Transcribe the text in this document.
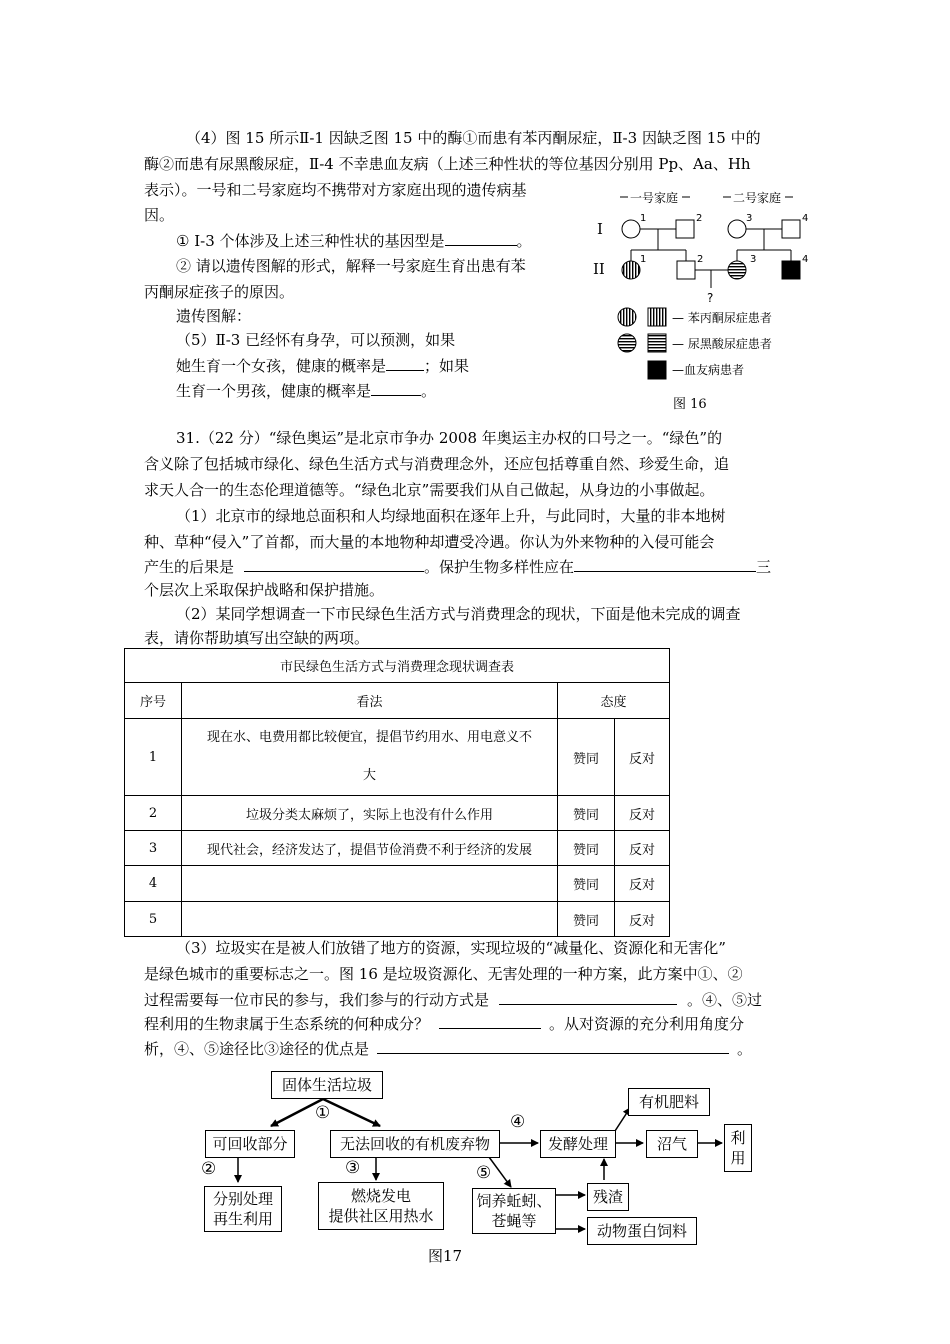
（4）图 15 所示Ⅱ-1 因缺乏图 15 中的酶①而患有苯丙酮尿症，Ⅱ-3 因缺乏图 15 中的
酶②而患有尿黑酸尿症，Ⅱ-4 不幸患血友病（上述三种性状的等位基因分别用 Pp、Aa、Hh
表示）。一号和二号家庭均不携带对方家庭出现的遗传病基
因。
① Ⅰ-3 个体涉及上述三种性状的基因型是	。
② 请以遗传图解的形式，解释一号家庭生育出患有苯
丙酮尿症孩子的原因。
遗传图解：
（5）Ⅱ-3 已经怀有身孕，可以预测，如果
她生育一个女孩，健康的概率是	；如果
生育一个男孩，健康的概率是	。
一号家庭	二号家庭
I
II
1	2	3	4
1	2	3	4
?
— 苯丙酮尿症患者
— 尿黑酸尿症患者
—血友病患者
图 16
31.（22 分）“绿色奥运”是北京市争办 2008 年奥运主办权的口号之一。“绿色”的
含义除了包括城市绿化、绿色生活方式与消费理念外，还应包括尊重自然、珍爱生命，追
求天人合一的生态伦理道德等。“绿色北京”需要我们从自己做起，从身边的小事做起。
（1）北京市的绿地总面积和人均绿地面积在逐年上升，与此同时，大量的非本地树
种、草种“侵入”了首都，而大量的本地物种却遭受冷遇。你认为外来物种的入侵可能会
产生的后果是	。保护生物多样性应在	三
个层次上采取保护战略和保护措施。
（2）某同学想调查一下市民绿色生活方式与消费理念的现状，下面是他未完成的调查
表，请你帮助填写出空缺的两项。
市民绿色生活方式与消费理念现状调查表			
序号	看法	态度	
1	现在水、电费用都比较便宜，提倡节约用水、用电意义不
大	赞同	反对
2	垃圾分类太麻烦了，实际上也没有什么作用	赞同	反对
3	现代社会，经济发达了，提倡节俭消费不利于经济的发展	赞同	反对
4		赞同	反对
5		赞同	反对
（3）垃圾实在是被人们放错了地方的资源，实现垃圾的“减量化、资源化和无害化”
是绿色城市的重要标志之一。图 16 是垃圾资源化、无害处理的一种方案，此方案中①、②
过程需要每一位市民的参与，我们参与的行动方式是	。④、⑤过
程利用的生物隶属于生态系统的何种成分？	。从对资源的充分利用角度分
析，④、⑤途径比③途径的优点是	。
固体生活垃圾
可回收部分	无法回收的有机废弃物	发酵处理
有机肥料
沼气	利
用
分别处理
再生利用
燃烧发电
提供社区用热水
饲养蚯蚓、
苍蝇等
残渣
动物蛋白饲料
①
②	③
④
⑤
图17
